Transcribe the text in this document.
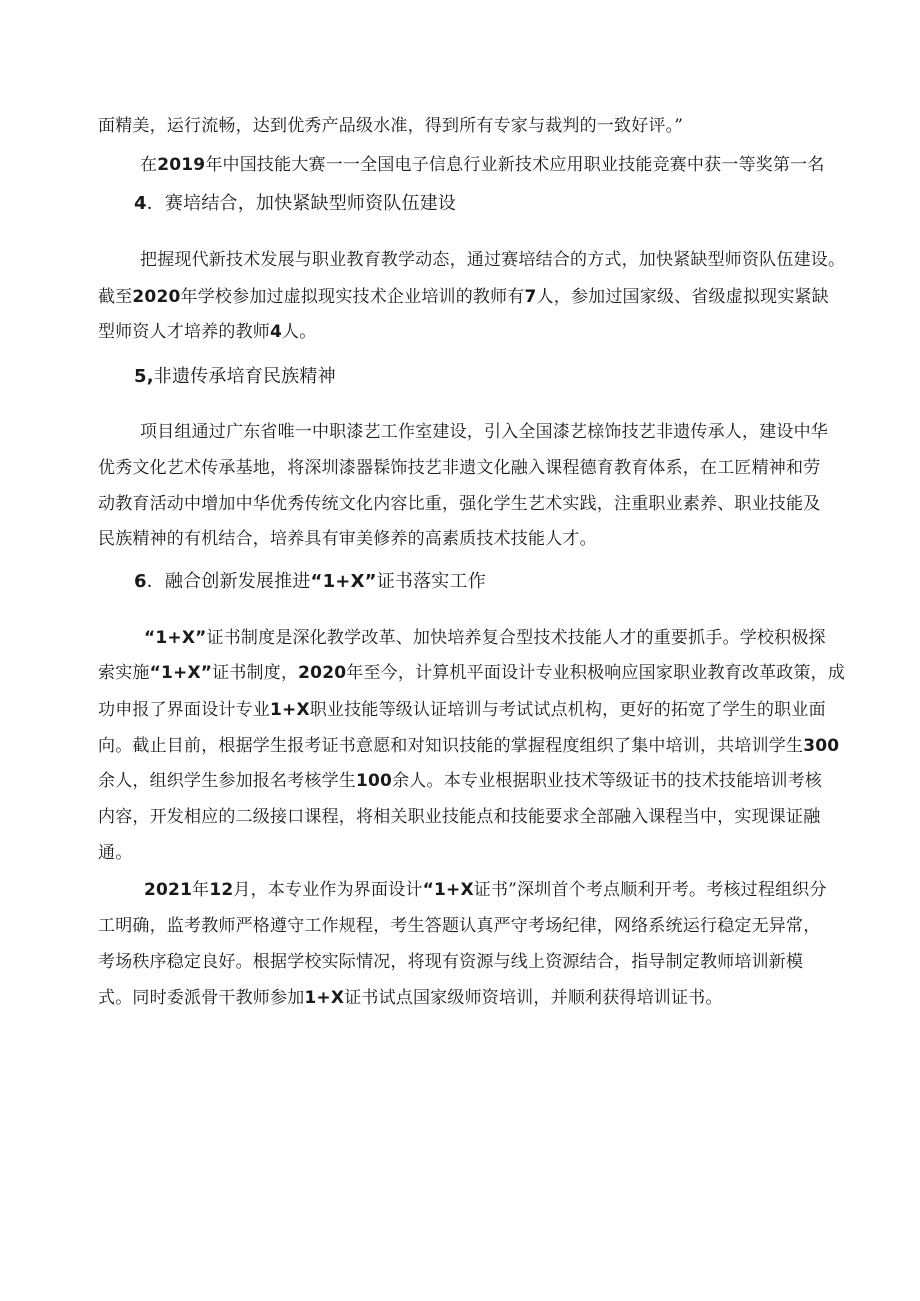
面精美，运行流畅，达到优秀产品级水准，得到所有专家与裁判的一致好评。”
在2019年中国技能大赛一一全国电子信息行业新技术应用职业技能竞赛中获一等奖第一名
4．赛培结合，加快紧缺型师资队伍建设
把握现代新技术发展与职业教育教学动态，通过赛培结合的方式，加快紧缺型师资队伍建设。
截至2020年学校参加过虚拟现实技术企业培训的教师有7人，参加过国家级、省级虚拟现实紧缺
型师资人才培养的教师4人。
5,非遗传承培育民族精神
项目组通过广东省唯一中职漆艺工作室建设，引入全国漆艺榇饰技艺非遗传承人，建设中华
优秀文化艺术传承基地，将深圳漆器髹饰技艺非遗文化融入课程德育教育体系，在工匠精神和劳
动教育活动中增加中华优秀传统文化内容比重，强化学生艺术实践，注重职业素养、职业技能及
民族精神的有机结合，培养具有审美修养的高素质技术技能人才。
6．融合创新发展推进“1+X”证书落实工作
“1+X”证书制度是深化教学改革、加快培养复合型技术技能人才的重要抓手。学校积极探
索实施“1+X”证书制度，2020年至今，计算机平面设计专业积极响应国家职业教育改革政策，成
功申报了界面设计专业1+X职业技能等级认证培训与考试试点机构，更好的拓宽了学生的职业面
向。截止目前，根据学生报考证书意愿和对知识技能的掌握程度组织了集中培训，共培训学生300
余人，组织学生参加报名考核学生100余人。本专业根据职业技术等级证书的技术技能培训考核
内容，开发相应的二级接口课程，将相关职业技能点和技能要求全部融入课程当中，实现课证融
通。
2021年12月，本专业作为界面设计“1+X证书”深圳首个考点顺利开考。考核过程组织分
工明确，监考教师严格遵守工作规程，考生答题认真严守考场纪律，网络系统运行稳定无异常，
考场秩序稳定良好。根据学校实际情况，将现有资源与线上资源结合，指导制定教师培训新模
式。同时委派骨干教师参加1+X证书试点国家级师资培训，并顺利获得培训证书。
